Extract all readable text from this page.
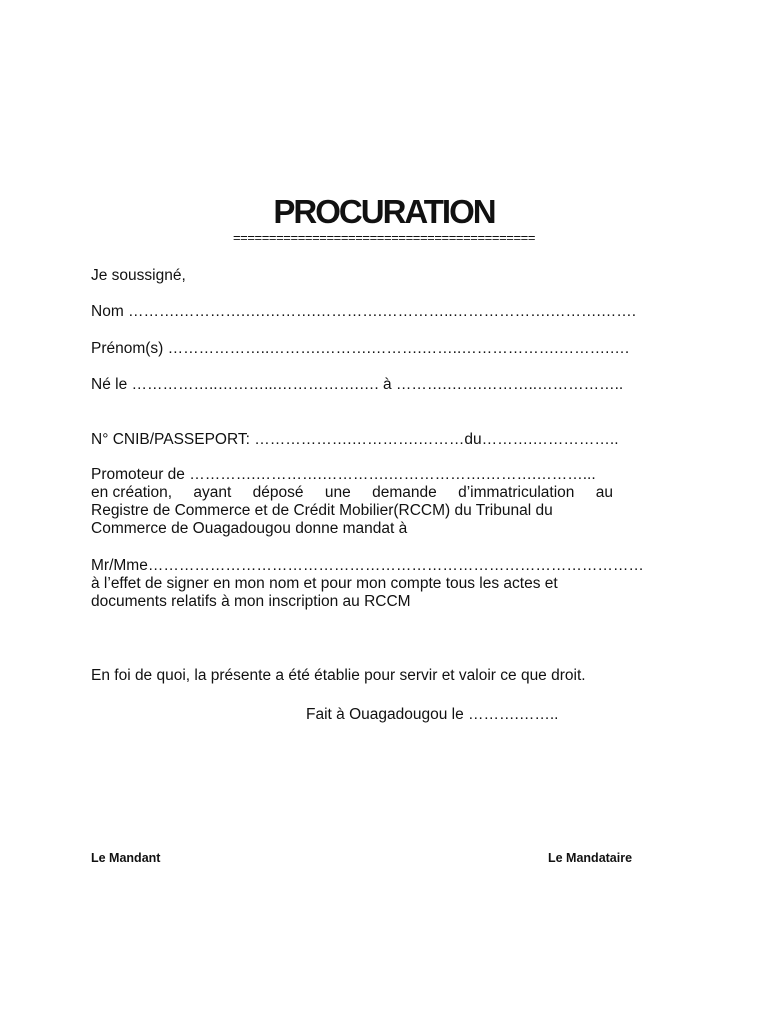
PROCURATION
==========================================
Je soussigné,
Nom ……….………….….……….………….…………..……………….……….…….
Prénom(s) ………………..……….……….……….……..……………….……….….
Né le ……………..………...…………….…. à ……….…….………..……………..
N° CNIB/PASSEPORT: ……………….………….………du……….……………..
Promoteur de ………….………….………….……………….……….………...
en création, ayant déposé une demande d’immatriculation au
Registre de Commerce et de Crédit Mobilier(RCCM) du Tribunal du
Commerce de Ouagadougou donne mandat à
Mr/Mme……………………………………………………………………………………
à l’effet de signer en mon nom et pour mon compte tous les actes et
documents relatifs à mon inscription au RCCM
En foi de quoi, la présente a été établie pour servir et valoir ce que droit.
Fait à Ouagadougou le ……….……..
Le Mandant	Le Mandataire
